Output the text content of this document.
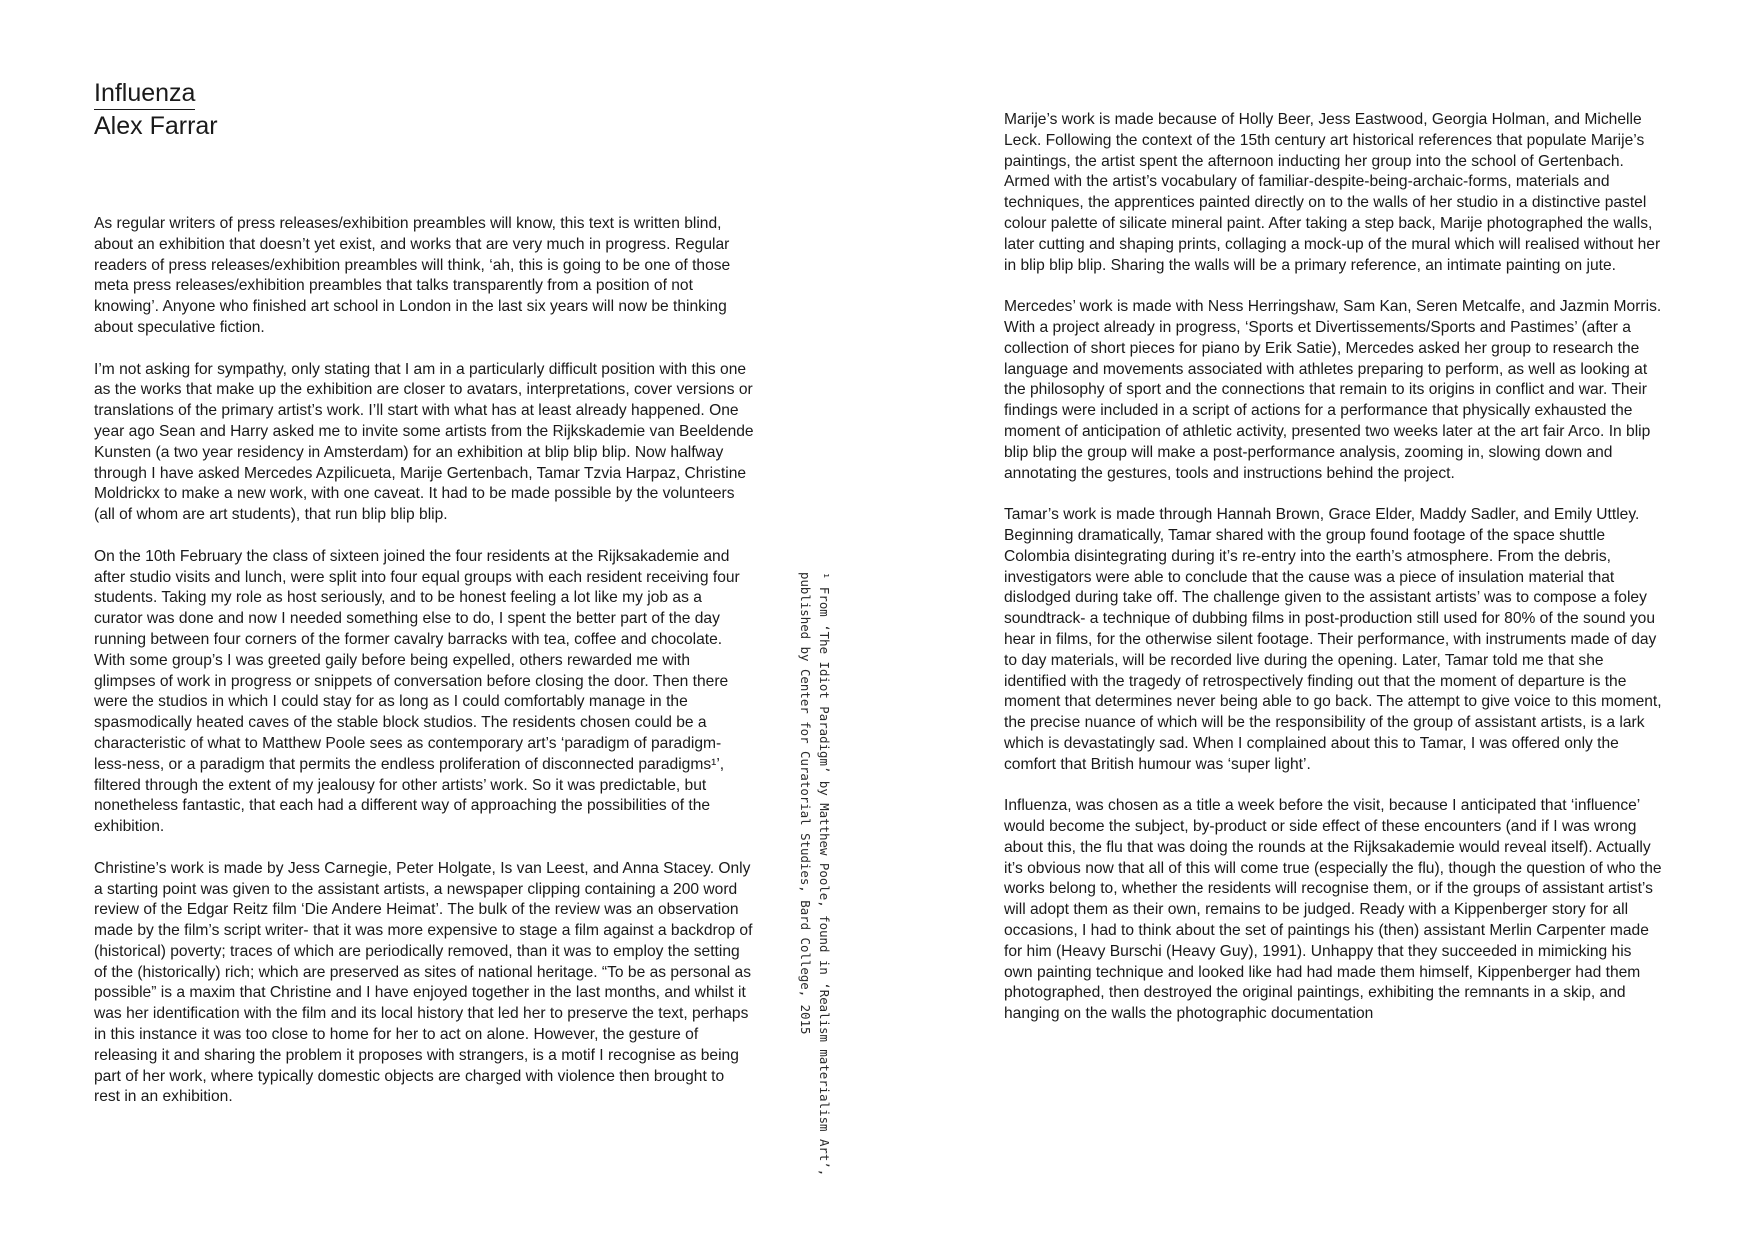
Influenza
Alex Farrar

As regular writers of press releases/exhibition preambles will know, this text is written blind, about an exhibition that doesn’t yet exist, and works that are very much in progress. Regular readers of press releases/exhibition preambles will think, ‘ah, this is going to be one of those meta press releases/exhibition preambles that talks transparently from a position of not knowing’. Anyone who finished art school in London in the last six years will now be thinking about speculative fiction.

I’m not asking for sympathy, only stating that I am in a particularly difficult position with this one as the works that make up the exhibition are closer to avatars, interpretations, cover versions or translations of the primary artist’s work. I’ll start with what has at least already happened. One year ago Sean and Harry asked me to invite some artists from the Rijkskademie van Beeldende Kunsten (a two year residency in Amsterdam) for an exhibition at blip blip blip. Now halfway through I have asked Mercedes Azpilicueta, Marije Gertenbach, Tamar Tzvia Harpaz, Christine Moldrickx to make a new work, with one caveat. It had to be made possible by the volunteers (all of whom are art students), that run blip blip blip.

On the 10th February the class of sixteen joined the four residents at the Rijksakademie and after studio visits and lunch, were split into four equal groups with each resident receiving four students. Taking my role as host seriously, and to be honest feeling a lot like my job as a curator was done and now I needed something else to do, I spent the better part of the day running between four corners of the former cavalry barracks with tea, coffee and chocolate. With some group’s I was greeted gaily before being expelled, others rewarded me with glimpses of work in progress or snippets of conversation before closing the door. Then there were the studios in which I could stay for as long as I could comfortably manage in the spasmodically heated caves of the stable block studios. The residents chosen could be a characteristic of what to Matthew Poole sees as contemporary art’s ‘paradigm of paradigm-less-ness, or a paradigm that permits the endless proliferation of disconnected paradigms¹’, filtered through the extent of my jealousy for other artists’ work. So it was predictable, but nonetheless fantastic, that each had a different way of approaching the possibilities of the exhibition.

Christine’s work is made by Jess Carnegie, Peter Holgate, Is van Leest, and Anna Stacey. Only a starting point was given to the assistant artists, a newspaper clipping containing a 200 word review of the Edgar Reitz film ‘Die Andere Heimat’. The bulk of the review was an observation made by the film’s script writer- that it was more expensive to stage a film against a backdrop of (historical) poverty; traces of which are periodically removed, than it was to employ the setting of the (historically) rich; which are preserved as sites of national heritage. “To be as personal as possible” is a maxim that Christine and I have enjoyed together in the last months, and whilst it was her identification with the film and its local history that led her to preserve the text, perhaps in this instance it was too close to home for her to act on alone. However, the gesture of releasing it and sharing the problem it proposes with strangers, is a motif I recognise as being part of her work, where typically domestic objects are charged with violence then brought to rest in an exhibition.	¹ From ‘The Idiot Paradigm’ by Matthew Poole, found in ‘Realism materialism Art’,
published by Center for Curatorial Studies, Bard College, 2015

Marije’s work is made because of Holly Beer, Jess Eastwood, Georgia Holman, and Michelle Leck. Following the context of the 15th century art historical references that populate Marije’s paintings, the artist spent the afternoon inducting her group into the school of Gertenbach. Armed with the artist’s vocabulary of familiar-despite-being-archaic-forms, materials and techniques, the apprentices painted directly on to the walls of her studio in a distinctive pastel colour palette of silicate mineral paint. After taking a step back, Marije photographed the walls, later cutting and shaping prints, collaging a mock-up of the mural which will realised without her in blip blip blip. Sharing the walls will be a primary reference, an intimate painting on jute.

Mercedes’ work is made with Ness Herringshaw, Sam Kan, Seren Metcalfe, and Jazmin Morris. With a project already in progress, ‘Sports et Divertissements/Sports and Pastimes’ (after a collection of short pieces for piano by Erik Satie), Mercedes asked her group to research the language and movements associated with athletes preparing to perform, as well as looking at the philosophy of sport and the connections that remain to its origins in conflict and war. Their findings were included in a script of actions for a performance that physically exhausted the moment of anticipation of athletic activity, presented two weeks later at the art fair Arco. In blip blip blip the group will make a post-performance analysis, zooming in, slowing down and annotating the gestures, tools and instructions behind the project.

Tamar’s work is made through Hannah Brown, Grace Elder, Maddy Sadler, and Emily Uttley. Beginning dramatically, Tamar shared with the group found footage of the space shuttle Colombia disintegrating during it’s re-entry into the earth’s atmosphere. From the debris, investigators were able to conclude that the cause was a piece of insulation material that dislodged during take off. The challenge given to the assistant artists’ was to compose a foley soundtrack- a technique of dubbing films in post-production still used for 80% of the sound you hear in films, for the otherwise silent footage. Their performance, with instruments made of day to day materials, will be recorded live during the opening. Later, Tamar told me that she identified with the tragedy of retrospectively finding out that the moment of departure is the moment that determines never being able to go back. The attempt to give voice to this moment, the precise nuance of which will be the responsibility of the group of assistant artists, is a lark which is devastatingly sad. When I complained about this to Tamar, I was offered only the comfort that British humour was ‘super light’.

Influenza, was chosen as a title a week before the visit, because I anticipated that ‘influence’ would become the subject, by-product or side effect of these encounters (and if I was wrong about this, the flu that was doing the rounds at the Rijksakademie would reveal itself). Actually it’s obvious now that all of this will come true (especially the flu), though the question of who the works belong to, whether the residents will recognise them, or if the groups of assistant artist’s will adopt them as their own, remains to be judged. Ready with a Kippenberger story for all occasions, I had to think about the set of paintings his (then) assistant Merlin Carpenter made for him (Heavy Burschi (Heavy Guy), 1991). Unhappy that they succeeded in mimicking his own painting technique and looked like had had made them himself, Kippenberger had them photographed, then destroyed the original paintings, exhibiting the remnants in a skip, and hanging on the walls the photographic documentation
